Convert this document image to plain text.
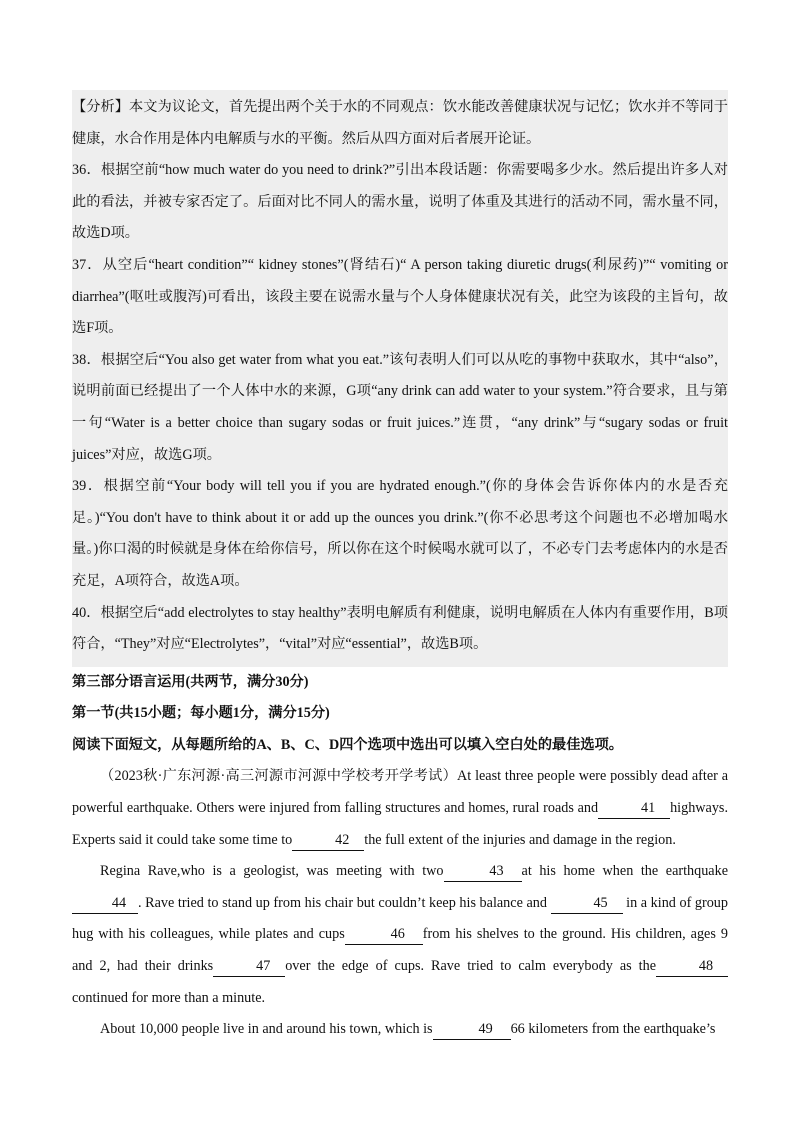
【分析】本文为议论文，首先提出两个关于水的不同观点：饮水能改善健康状况与记忆；饮水并不等同于健康，水合作用是体内电解质与水的平衡。然后从四方面对后者展开论证。

36．根据空前“how much water do you need to drink?”引出本段话题：你需要喝多少水。然后提出许多人对此的看法，并被专家否定了。后面对比不同人的需水量，说明了体重及其进行的活动不同，需水量不同，故选D项。

37．从空后“heart condition”“ kidney stones”(肾结石)“ A person taking diuretic drugs(利尿药)”“ vomiting or diarrhea”(呕吐或腹泻)可看出，该段主要在说需水量与个人身体健康状况有关，此空为该段的主旨句，故选F项。

38．根据空后“You also get water from what you eat.”该句表明人们可以从吃的事物中获取水，其中“also”，说明前面已经提出了一个人体中水的来源，G项“any drink can add water to your system.”符合要求，且与第一句“Water is a better choice than sugary sodas or fruit juices.”连贯，“any drink”与“sugary sodas or fruit juices”对应，故选G项。

39．根据空前“Your body will tell you if you are hydrated enough.”(你的身体会告诉你体内的水是否充足。)“You don't have to think about it or add up the ounces you drink.”(你不必思考这个问题也不必增加喝水量。)你口渴的时候就是身体在给你信号，所以你在这个时候喝水就可以了，不必专门去考虑体内的水是否充足，A项符合，故选A项。

40．根据空后“add electrolytes to stay healthy”表明电解质有利健康，说明电解质在人体内有重要作用，B项符合，“They”对应“Electrolytes”，“vital”对应“essential”，故选B项。

第三部分语言运用(共两节，满分30分)

第一节(共15小题；每小题1分，满分15分)

阅读下面短文，从每题所给的A、B、C、D四个选项中选出可以填入空白处的最佳选项。

（2023秋·广东河源·高三河源市河源中学校考开学考试）At least three people were possibly dead after a powerful earthquake. Others were injured from falling structures and homes, rural roads and	41 highways. Experts said it could take some time to	42 the full extent of the injuries and damage in the region.

Regina Rave,who is a geologist, was meeting with two	43 at his home when the earthquake44 . Rave tried to stand up from his chair but couldn’t keep his balance and	45 in a kind of group hug with his colleagues, while plates and cups	46 from his shelves to the ground. His children, ages 9 and 2, had their drinks	47 over the edge of cups. Rave tried to calm everybody as the	48continued for more than a minute.

About 10,000 people live in and around his town, which is	49 66 kilometers from the earthquake’s
